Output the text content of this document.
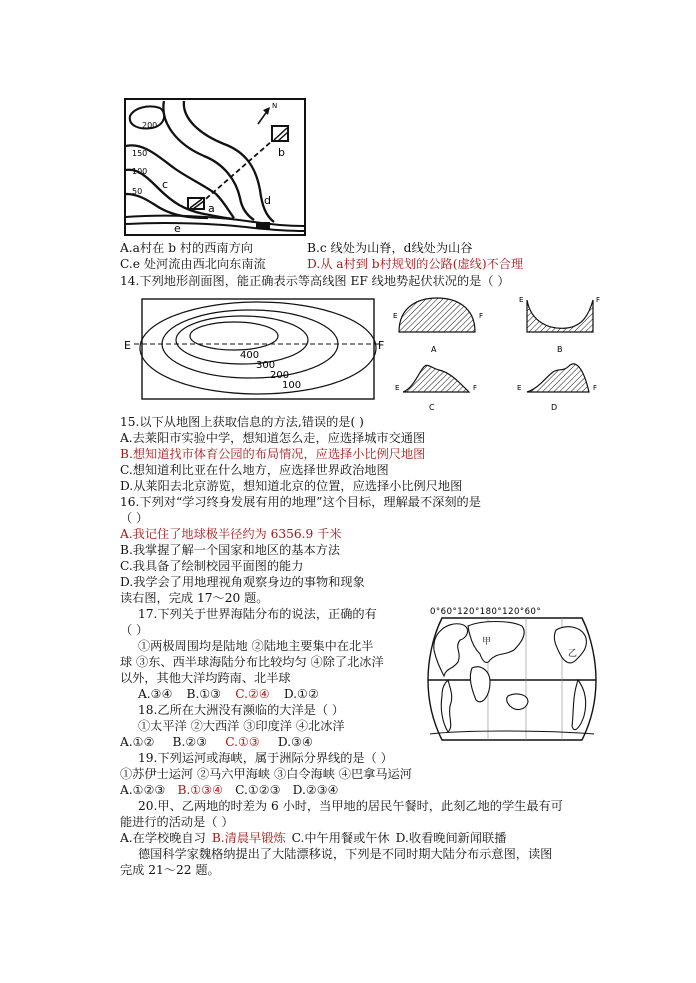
N
200
150
100
50
a
b
c
d
e
A.a村在 b 村的西南方向	B.c 线处为山脊，d线处为山谷
C.e 处河流由西北向东南流	D.从 a村到 b村规划的公路(虚线)不合理
14.下列地形剖面图，能正确表示等高线图 EF 线地势起伏状况的是（ ）
E	F
400
300
200
100
E	F
A
E	F
B
E	F
C
E	F
D
15.以下从地图上获取信息的方法,错误的是( )
A.去莱阳市实验中学，想知道怎么走，应选择城市交通图
B.想知道找市体育公园的布局情况，应选择小比例尺地图
C.想知道利比亚在什么地方，应选择世界政治地图
D.从莱阳去北京游览，想知道北京的位置，应选择小比例尺地图
16.下列对“学习终身发展有用的地理”这个目标，理解最不深刻的是
（ ）
A.我记住了地球极半径约为 6356.9 千米
B.我掌握了解一个国家和地区的基本方法
C.我具备了绘制校园平面图的能力
D.我学会了用地理视角观察身边的事物和现象
读右图，完成 17～20 题。
17.下列关于世界海陆分布的说法，正确的有
（ ）
①两极周围均是陆地 ②陆地主要集中在北半
球 ③东、西半球海陆分布比较均匀 ④除了北冰洋
以外，其他大洋均跨南、北半球
A.③④ B.①③ C.②④ D.①②
0°60°120°180°120°60°
甲
乙
18.乙所在大洲没有濒临的大洋是（ ）
①太平洋 ②大西洋 ③印度洋 ④北冰洋
A.①② B.②③ C.①③ D.③④
19.下列运河或海峡，属于洲际分界线的是（ ）
①苏伊士运河 ②马六甲海峡 ③白令海峡 ④巴拿马运河
A.①②③ B.①③④ C.①②③ D.②③④
20.甲、乙两地的时差为 6 小时，当甲地的居民午餐时，此刻乙地的学生最有可
能进行的活动是（ ）
A.在学校晚自习 B.清晨早锻炼 C.中午用餐或午休 D.收看晚间新闻联播
德国科学家魏格纳提出了大陆漂移说，下列是不同时期大陆分布示意图，读图
完成 21～22 题。
